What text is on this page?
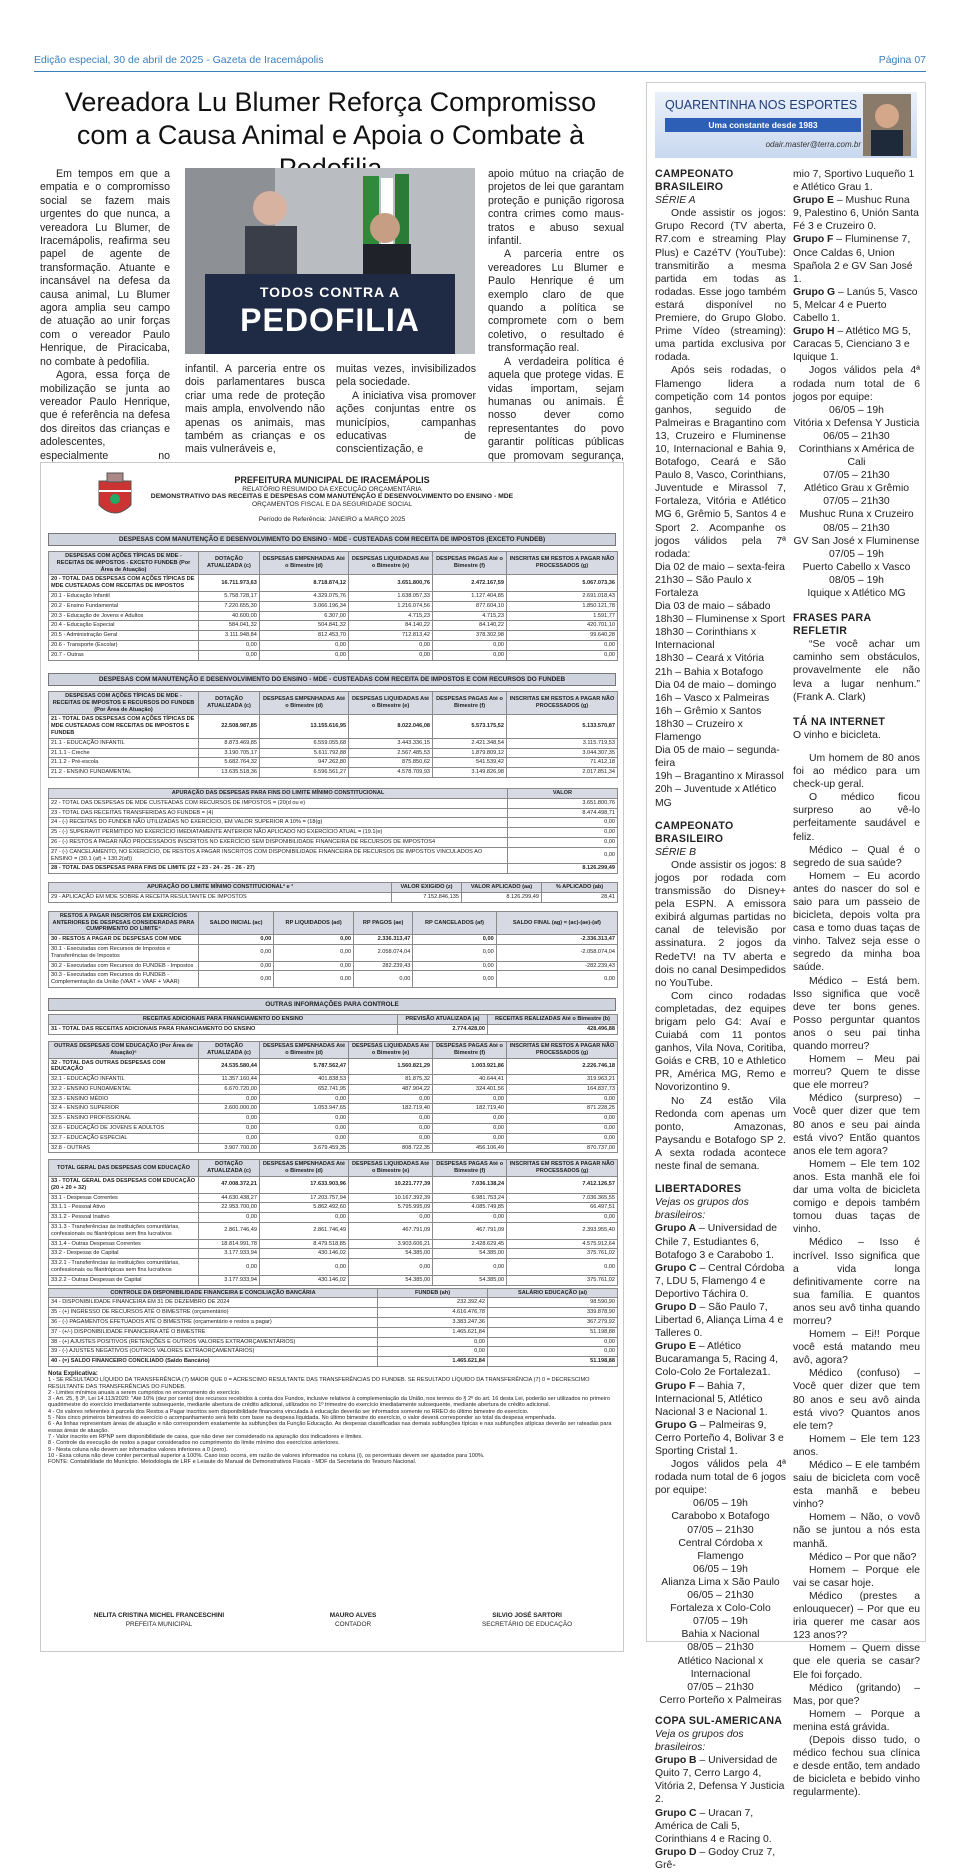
Edição especial, 30 de abril de 2025 - Gazeta de Iracemápolis	Página 07
Vereadora Lu Blumer Reforça Compromisso com a Causa Animal e Apoia o Combate à

Em tempos em que a empatia e o compromisso social se fazem mais urgentes do que nunca, a vereadora Lu Blumer, de Iracemápolis, reafirma seu papel de agente de transformação. Atuante e incansável na defesa da causa animal, Lu Blumer agora amplia seu campo de atuação ao unir forças com o vereador Paulo Henrique, de Piracicaba, no combate à pedofilia.

Agora, essa força de mobilização se junta ao vereador Paulo Henrique, que é referência na defesa dos direitos das crianças e adolescentes, especialmente no

TODOS CONTRA A
PEDOFILIA

infantil. A parceria entre os dois parlamentares busca criar uma rede de proteção mais ampla, envolvendo não apenas os animais, mas também as crianças e os mais vulneráveis e,

muitas vezes, invisibilizados pela sociedade.

A iniciativa visa promover ações conjuntas entre os municípios, campanhas educativas de conscientização, e

apoio mútuo na criação de projetos de lei que garantam proteção e punição rigorosa contra crimes como maus-tratos e abuso sexual infantil.

A parceria entre os vereadores Lu Blumer e Paulo Henrique é um exemplo claro de que quando a política se compromete com o bem coletivo, o resultado é transformação real.

A verdadeira política é aquela que protege vidas. E vidas importam, sejam humanas ou animais. É nosso dever como representantes do povo garantir políticas públicas que promovam segurança,

PREFEITURA MUNICIPAL DE IRACEMÁPOLIS
RELATÓRIO RESUMIDO DA EXECUÇÃO ORÇAMENTÁRIA
DEMONSTRATIVO DAS RECEITAS E DESPESAS COM MANUTENÇÃO E DESENVOLVIMENTO DO ENSINO - MDE
ORÇAMENTOS FISCAL E DA SEGURIDADE SOCIAL
Período de Referência: JANEIRO a MARÇO 2025
DESPESAS COM MANUTENÇÃO E DESENVOLVIMENTO DO ENSINO - MDE - CUSTEADAS COM RECEITA DE IMPOSTOS (EXCETO FUNDEB)
DESPESAS COM AÇÕES TÍPICAS DE MDE - RECEITAS DE IMPOSTOS - EXCETO FUNDEB (Por Área de Atuação)	DOTAÇÃO ATUALIZADA (c)	DESPESAS EMPENHADAS Até o Bimestre (d)	DESPESAS LIQUIDADAS Até o Bimestre (e)	DESPESAS PAGAS Até o Bimestre (f)	INSCRITAS EM RESTOS A PAGAR NÃO PROCESSADOS (g)
20 - TOTAL DAS DESPESAS COM AÇÕES TÍPICAS DE MDE CUSTEADAS COM RECEITAS DE IMPOSTOS	16.711.973,63	8.718.874,12	3.651.800,76	2.472.167,59	5.067.073,36
20.1 - Educação Infantil	5.758.728,17	4.329.075,76	1.638.057,33	1.127.404,85	2.691.018,43
20.2 - Ensino Fundamental	7.220.655,30	3.066.196,34	1.216.074,56	877.604,10	1.850.121,78
20.3 - Educação de Jovens e Adultos	40.600,00	6.307,00	4.715,23	4.715,23	1.591,77
20.4 - Educação Especial	584.041,32	504.841,32	84.140,22	84.140,22	420.701,10
20.5 - Administração Geral	3.111.948,84	812.453,70	712.813,42	378.302,98	99.640,28
20.6 - Transporte (Escolar)	0,00	0,00	0,00	0,00	0,00
20.7 - Outras	0,00	0,00	0,00	0,00	0,00
DESPESAS COM MANUTENÇÃO E DESENVOLVIMENTO DO ENSINO - MDE - CUSTEADAS COM RECEITA DE IMPOSTOS E COM RECURSOS DO FUNDEB
DESPESAS COM AÇÕES TÍPICAS DE MDE - RECEITAS DE IMPOSTOS E RECURSOS DO FUNDEB (Por Área de Atuação)	DOTAÇÃO ATUALIZADA (c)	DESPESAS EMPENHADAS Até o Bimestre (d)	DESPESAS LIQUIDADAS Até o Bimestre (e)	DESPESAS PAGAS Até o Bimestre (f)	INSCRITAS EM RESTOS A PAGAR NÃO PROCESSADOS (g)
21 - TOTAL DAS DESPESAS COM AÇÕES TÍPICAS DE MDE CUSTEADAS COM RECEITAS DE IMPOSTOS E FUNDEB	22.508.987,85	13.155.616,95	8.022.046,08	5.573.175,52	5.133.570,87
21.1 - EDUCAÇÃO INFANTIL	8.873.469,85	6.559.055,68	3.443.336,15	2.421.348,54	3.115.719,53
21.1.1 - Creche	3.190.705,17	5.611.792,88	2.567.485,53	1.879.809,12	3.044.307,35
21.1.2 - Pré-escola	5.682.764,32	947.262,80	875.850,62	541.539,42	71.412,18
21.2 - ENSINO FUNDAMENTAL	13.635.518,36	6.596.561,27	4.578.709,93	3.149.826,98	2.017.851,34
APURAÇÃO DAS DESPESAS PARA FINS DO LIMITE MÍNIMO CONSTITUCIONAL	VALOR
22 - TOTAL DAS DESPESAS DE MDE CUSTEADAS COM RECURSOS DE IMPOSTOS = (20(d ou e)	3.651.800,76
23 - TOTAL DAS RECEITAS TRANSFERIDAS AO FUNDEB = (4)	8.474.498,71
24 - (-) RECEITAS DO FUNDEB NÃO UTILIZADAS NO EXERCÍCIO, EM VALOR SUPERIOR A 10% = (18(g)	0,00
25 - (-) SUPERAVIT PERMITIDO NO EXERCÍCIO IMEDIATAMENTE ANTERIOR NÃO APLICADO NO EXERCÍCIO ATUAL = (19.1(e)	0,00
26 - (-) RESTOS A PAGAR NÃO PROCESSADOS INSCRITOS NO EXERCÍCIO SEM DISPONIBILIDADE FINANCEIRA DE RECURSOS DE IMPOSTOS4	0,00
27 - (-) CANCELAMENTO, NO EXERCÍCIO, DE RESTOS A PAGAR INSCRITOS COM DISPONIBILIDADE FINANCEIRA DE RECURSOS DE IMPOSTOS VINCULADOS AO ENSINO = (30.1 (af) + 130.2(af))	0,00
28 - TOTAL DAS DESPESAS PARA FINS DE LIMITE (22 + 23 - 24 - 25 - 26 - 27)	8.126.299,49
APURAÇÃO DO LIMITE MÍNIMO CONSTITUCIONAL² e ³	VALOR EXIGIDO (z)	VALOR APLICADO (aa)	% APLICADO (ab)
29 - APLICAÇÃO EM MDE SOBRE A RECEITA RESULTANTE DE IMPOSTOS	7.152.846,135	8.126.299,49	28,41
RESTOS A PAGAR INSCRITOS EM EXERCÍCIOS ANTERIORES DE DESPESAS CONSIDERADAS PARA CUMPRIMENTO DO LIMITE⁴	SALDO INICIAL (ac)	RP LIQUIDADOS (ad)	RP PAGOS (ae)	RP CANCELADOS (af)	SALDO FINAL (ag) = (ac)-(ae)-(af)
30 - RESTOS A PAGAR DE DESPESAS COM MDE	0,00	0,00	2.336.313,47	0,00	-2.336.313,47
30.1 - Executadas com Recursos de Impostos e Transferências de Impostos	0,00	0,00	2.058.074,04	0,00	-2.058.074,04
30.2 - Executadas com Recursos do FUNDEB - Impostos	0,00	0,00	282.239,43	0,00	-282.239,43
30.3 - Executadas com Recursos do FUNDEB - Complementação da União (VAAT + VAAF + VAAR)	0,00	0,00	0,00	0,00	0,00
OUTRAS INFORMAÇÕES PARA CONTROLE
RECEITAS ADICIONAIS PARA FINANCIAMENTO DO ENSINO	PREVISÃO ATUALIZADA (a)	RECEITAS REALIZADAS Até o Bimestre (b)
31 - TOTAL DAS RECEITAS ADICIONAIS PARA FINANCIAMENTO DO ENSINO	2.774.428,00	428.496,88
OUTRAS DESPESAS COM EDUCAÇÃO (Por Área de Atuação)⁶	DOTAÇÃO ATUALIZADA (c)	DESPESAS EMPENHADAS Até o Bimestre (d)	DESPESAS LIQUIDADAS Até o Bimestre (e)	DESPESAS PAGAS Até o Bimestre (f)	INSCRITAS EM RESTOS A PAGAR NÃO PROCESSADOS (g)
32 - TOTAL DAS OUTRAS DESPESAS COM EDUCAÇÃO	24.535.580,44	5.787.562,47	1.560.821,29	1.003.921,86	2.226.746,18
32.1 - EDUCAÇÃO INFANTIL	11.357.160,44	401.838,53	81.875,32	40.644,41	319.963,21
32.2 - ENSINO FUNDAMENTAL	6.670.720,00	652.741,95	487.904,22	324.401,56	164.837,73
32.3 - ENSINO MÉDIO	0,00	0,00	0,00	0,00	0,00
32.4 - ENSINO SUPERIOR	2.600.000,00	1.053.947,65	182.719,40	182.719,40	871.228,25
32.5 - ENSINO PROFISSIONAL	0,00	0,00	0,00	0,00	0,00
32.6 - EDUCAÇÃO DE JOVENS E ADULTOS	0,00	0,00	0,00	0,00	0,00
32.7 - EDUCAÇÃO ESPECIAL	0,00	0,00	0,00	0,00	0,00
32.8 - OUTRAS	3.907.700,00	3.679.459,35	808.722,35	456.106,49	870.737,00
TOTAL GERAL DAS DESPESAS COM EDUCAÇÃO	DOTAÇÃO ATUALIZADA (c)	DESPESAS EMPENHADAS Até o Bimestre (d)	DESPESAS LIQUIDADAS Até o Bimestre (e)	DESPESAS PAGAS Até o Bimestre (f)	INSCRITAS EM RESTOS A PAGAR NÃO PROCESSADOS (g)
33 - TOTAL GERAL DAS DESPESAS COM EDUCAÇÃO (20 + 20 + 32)	47.008.372,21	17.633.903,96	10.221.777,39	7.036.138,24	7.412.126,57
33.1 - Despesas Correntes	44.630.438,27	17.203.757,94	10.167.392,39	6.981.753,24	7.036.365,55
33.1.1 - Pessoal Ativo	22.953.700,00	5.862.492,60	5.795.995,09	4.085.749,85	66.497,51
33.1.2 - Pessoal Inativo	0,00	0,00	0,00	0,00	0,00
33.1.3 - Transferências às instituições comunitárias, confessionais ou filantrópicas sem fins lucrativos	2.861.746,49	2.861.746,49	467.791,09	467.791,09	2.393.955,40
33.1.4 - Outras Despesas Correntes	18.814.991,78	8.479.518,85	3.903.606,21	2.428.629,45	4.575.912,64
33.2 - Despesas de Capital	3.177.933,94	430.146,02	54.385,00	54.385,00	375.761,02
33.2.1 - Transferências às instituições comunitárias, confessionais ou filantrópicas sem fins lucrativos	0,00	0,00	0,00	0,00	0,00
33.2.2 - Outras Despesas de Capital	3.177.933,94	430.146,02	54.385,00	54.385,00	375.761,02
CONTROLE DA DISPONIBILIDADE FINANCEIRA E CONCILIAÇÃO BANCÁRIA	FUNDEB (ah)	SALÁRIO EDUCAÇÃO (ai)
34 - DISPONIBILIDADE FINANCEIRA EM 31 DE DEZEMBRO DE 2024	232.392,42	98.590,90
35 - (+) INGRESSO DE RECURSOS ATÉ O BIMESTRE (orçamentário)	4.616.476,78	339.878,90
36 - (-) PAGAMENTOS EFETUADOS ATÉ O BIMESTRE (orçamentário e restos a pagar)	3.383.247,36	367.279,92
37 - (+/-) DISPONIBILIDADE FINANCEIRA ATÉ O BIMESTRE	1.465.621,84	51.198,88
38 - (+) AJUSTES POSITIVOS (RETENÇÕES E OUTROS VALORES EXTRAORÇAMENTÁRIOS)	0,00	0,00
39 - (-) AJUSTES NEGATIVOS (OUTROS VALORES EXTRAORÇAMENTÁRIOS)	0,00	0,00
40 - (=) SALDO FINANCEIRO CONCILIADO (Saldo Bancário)	1.465.621,84	51.198,88
Nota Explicativa:
1 - SE RESULTADO LÍQUIDO DA TRANSFERÊNCIA (7) MAIOR QUE 0 = ACRESCIMO RESULTANTE DAS TRANSFERÊNCIAS DO FUNDEB. SE RESULTADO LÍQUIDO DA TRANSFERÊNCIA (7) 0 = DECRESCIMO RESULTANTE DAS TRANSFERÊNCIAS DO FUNDEB.
2 - Limites mínimos anuais a serem cumpridos no encerramento do exercício.
3 - Art. 25, § 3º, Lei 14.113/2020: "Até 10% (dez por cento) dos recursos recebidos à conta dos Fundos, inclusive relativos à complementação da União, nos termos do § 2º do art. 16 desta Lei, poderão ser utilizados no primeiro quadrimestre do exercício imediatamente subsequente, mediante abertura de crédito adicional, utilizados no 1º trimestre do exercício imediatamente subsequente, mediante abertura de crédito adicional.
4 - Os valores referentes à parcela dos Restos a Pagar inscritos sem disponibilidade financeira vinculada à educação deverão ser informados somente no RREO do último bimestre do exercício.
5 - Nos cinco primeiros bimestres do exercício o acompanhamento será feito com base na despesa liquidada. No último bimestre do exercício, o valor deverá corresponder ao total da despesa empenhada.
6 - As linhas representam áreas de atuação e não correspondem exatamente às subfunções da Função Educação. As despesas classificadas nas demais subfunções típicas e nas subfunções atípicas deverão ser rateadas para essas áreas de atuação.
7 - Valor inscrito em RPNP sem disponibilidade de caixa, que não deve ser considerado na apuração dos indicadores e limites.
8 - Controle da execução de restos a pagar considerados no cumprimento do limite mínimo dos exercícios anteriores.
9 - Nesta coluna não devem ser informados valores inferiores a 0 (zero).
10 - Essa coluna não deve conter percentual superior a 100%. Caso isso ocorra, em razão de valores informados na coluna (i), os percentuais devem ser ajustados para 100%.
FONTE: Contabilidade do Município. Metodologia de LRF e Leiaute do Manual de Demonstrativos Fiscais - MDF da Secretaria do Tesouro Nacional.
NELITA CRISTINA MICHEL FRANCESCHINI
PREFEITA MUNICIPAL
MAURO ALVES
CONTADOR
SILVIO JOSÉ SARTORI
SECRETÁRIO DE EDUCAÇÃO
QUARENTINHA NOS ESPORTES
Uma constante desde 1983
odair.master@terra.com.br
CAMPEONATO BRASILEIRO
SÉRIE A

Onde assistir os jogos: Grupo Record (TV aberta, R7.com e streaming Play Plus) e CazéTV (YouTube): transmitirão a mesma partida em todas as rodadas. Esse jogo também estará disponível no Premiere, do Grupo Globo. Prime Vídeo (streaming): uma partida exclusiva por rodada.

Após seis rodadas, o Flamengo lidera a competição com 14 pontos ganhos, seguido de Palmeiras e Bragantino com 13, Cruzeiro e Fluminense 10, Internacional e Bahia 9, Botafogo, Ceará e São Paulo 8, Vasco, Corinthians, Juventude e Mirassol 7, Fortaleza, Vitória e Atlético MG 6, Grêmio 5, Santos 4 e Sport 2. Acompanhe os jogos válidos pela 7ª rodada:

Dia 02 de maio – sexta-feira
21h30 – São Paulo x Fortaleza
Dia 03 de maio – sábado
18h30 – Fluminense x Sport
18h30 – Corinthians x Internacional
18h30 – Ceará x Vitória
21h – Bahia x Botafogo
Dia 04 de maio – domingo
16h – Vasco x Palmeiras
16h – Grêmio x Santos
18h30 – Cruzeiro x Flamengo
Dia 05 de maio – segunda-feira
19h – Bragantino x Mirassol
20h – Juventude x Atlético MG
CAMPEONATO BRASILEIRO
SÉRIE B

Onde assistir os jogos: 8 jogos por rodada com transmissão do Disney+ pela ESPN. A emissora exibirá algumas partidas no canal de televisão por assinatura. 2 jogos da RedeTV! na TV aberta e dois no canal Desimpedidos no YouTube.

Com cinco rodadas completadas, dez equipes brigam pelo G4: Avaí e Cuiabá com 11 pontos ganhos, Vila Nova, Coritiba, Goiás e CRB, 10 e Athletico PR, América MG, Remo e Novorizontino 9.

No Z4 estão Vila Redonda com apenas um ponto, Amazonas, Paysandu e Botafogo SP 2. A sexta rodada acontece neste final de semana.

LIBERTADORES
Vejas os grupos dos brasileiros:
Grupo A – Universidad de Chile 7, Estudiantes 6, Botafogo 3 e Carabobo 1.
Grupo C – Central Córdoba 7, LDU 5, Flamengo 4 e Deportivo Táchira 0.
Grupo D – São Paulo 7, Libertad 6, Aliança Lima 4 e Talleres 0.
Grupo E – Atlético Bucaramanga 5, Racing 4, Colo-Colo 2e Fortaleza1.
Grupo F – Bahia 7, Internacional 5, Atlético Nacional 3 e Nacional 1.
Grupo G – Palmeiras 9, Cerro Porteño 4, Bolivar 3 e Sporting Cristal 1.

Jogos válidos pela 4ª rodada num total de 6 jogos por equipe:

06/05 – 19h
Carabobo x Botafogo
07/05 – 21h30
Central Córdoba x Flamengo
06/05 – 19h
Alianza Lima x São Paulo
06/05 – 21h30
Fortaleza x Colo-Colo
07/05 – 19h
Bahia x Nacional
08/05 – 21h30
Atlético Nacional x Internacional
07/05 – 21h30
Cerro Porteño x Palmeiras
COPA SUL-AMERICANA
Veja os grupos dos brasileiros:
Grupo B – Universidad de Quito 7, Cerro Largo 4, Vitória 2, Defensa Y Justicia 2.
Grupo C – Uracan 7, América de Cali 5, Corinthians 4 e Racing 0.
Grupo D – Godoy Cruz 7, Grê-
mio 7, Sportivo Luqueño 1 e Atlético Grau 1.
Grupo E – Mushuc Runa 9, Palestino 6, Unión Santa Fé 3 e Cruzeiro 0.
Grupo F – Fluminense 7, Once Caldas 6, Union Spañola 2 e GV San José 1.
Grupo G – Lanús 5, Vasco 5, Melcar 4 e Puerto Cabello 1.
Grupo H – Atlético MG 5, Caracas 5, Cienciano 3 e Iquique 1.

Jogos válidos pela 4ª rodada num total de 6 jogos por equipe:

06/05 – 19h
Vitória x Defensa Y Justicia
06/05 – 21h30
Corinthians x América de Cali
07/05 – 21h30
Atlético Grau x Grêmio
07/05 – 21h30
Mushuc Runa x Cruzeiro
08/05 – 21h30
GV San José x Fluminense
07/05 – 19h
Puerto Cabello x Vasco
08/05 – 19h
Iquique x Atlético MG
FRASES PARA REFLETIR

“Se você achar um caminho sem obstáculos, provavelmente ele não leva a lugar nenhum.” (Frank A. Clark)

TÁ NA INTERNET
O vinho e bicicleta.

Um homem de 80 anos foi ao médico para um check-up geral.

O médico ficou surpreso ao vê-lo perfeitamente saudável e feliz.

Médico – Qual é o segredo de sua saúde?

Homem – Eu acordo antes do nascer do sol e saio para um passeio de bicicleta, depois volta pra casa e tomo duas taças de vinho. Talvez seja esse o segredo da minha boa saúde.

Médico – Está bem. Isso significa que você deve ter bons genes. Posso perguntar quantos anos o seu pai tinha quando morreu?

Homem – Meu pai morreu? Quem te disse que ele morreu?

Médico (surpreso) – Você quer dizer que tem 80 anos e seu pai ainda está vivo? Então quantos anos ele tem agora?

Homem – Ele tem 102 anos. Esta manhã ele foi dar uma volta de bicicleta comigo e depois também tomou duas taças de vinho.

Médico – Isso é incrível. Isso significa que a vida longa definitivamente corre na sua família. E quantos anos seu avô tinha quando morreu?

Homem – Ei!! Porque você está matando meu avô, agora?

Médico (confuso) – Você quer dizer que tem 80 anos e seu avô ainda está vivo? Quantos anos ele tem?

Homem – Ele tem 123 anos.

Médico – E ele também saiu de bicicleta com você esta manhã e bebeu vinho?

Homem – Não, o vovô não se juntou a nós esta manhã.

Médico – Por que não?

Homem – Porque ele vai se casar hoje.

Médico (prestes a enlouquecer) – Por que eu iria querer me casar aos 123 anos??

Homem – Quem disse que ele queria se casar? Ele foi forçado.

Médico (gritando) – Mas, por que?

Homem – Porque a menina está grávida.

(Depois disso tudo, o médico fechou sua clínica e desde então, tem andado de bicicleta e bebido vinho regularmente).
